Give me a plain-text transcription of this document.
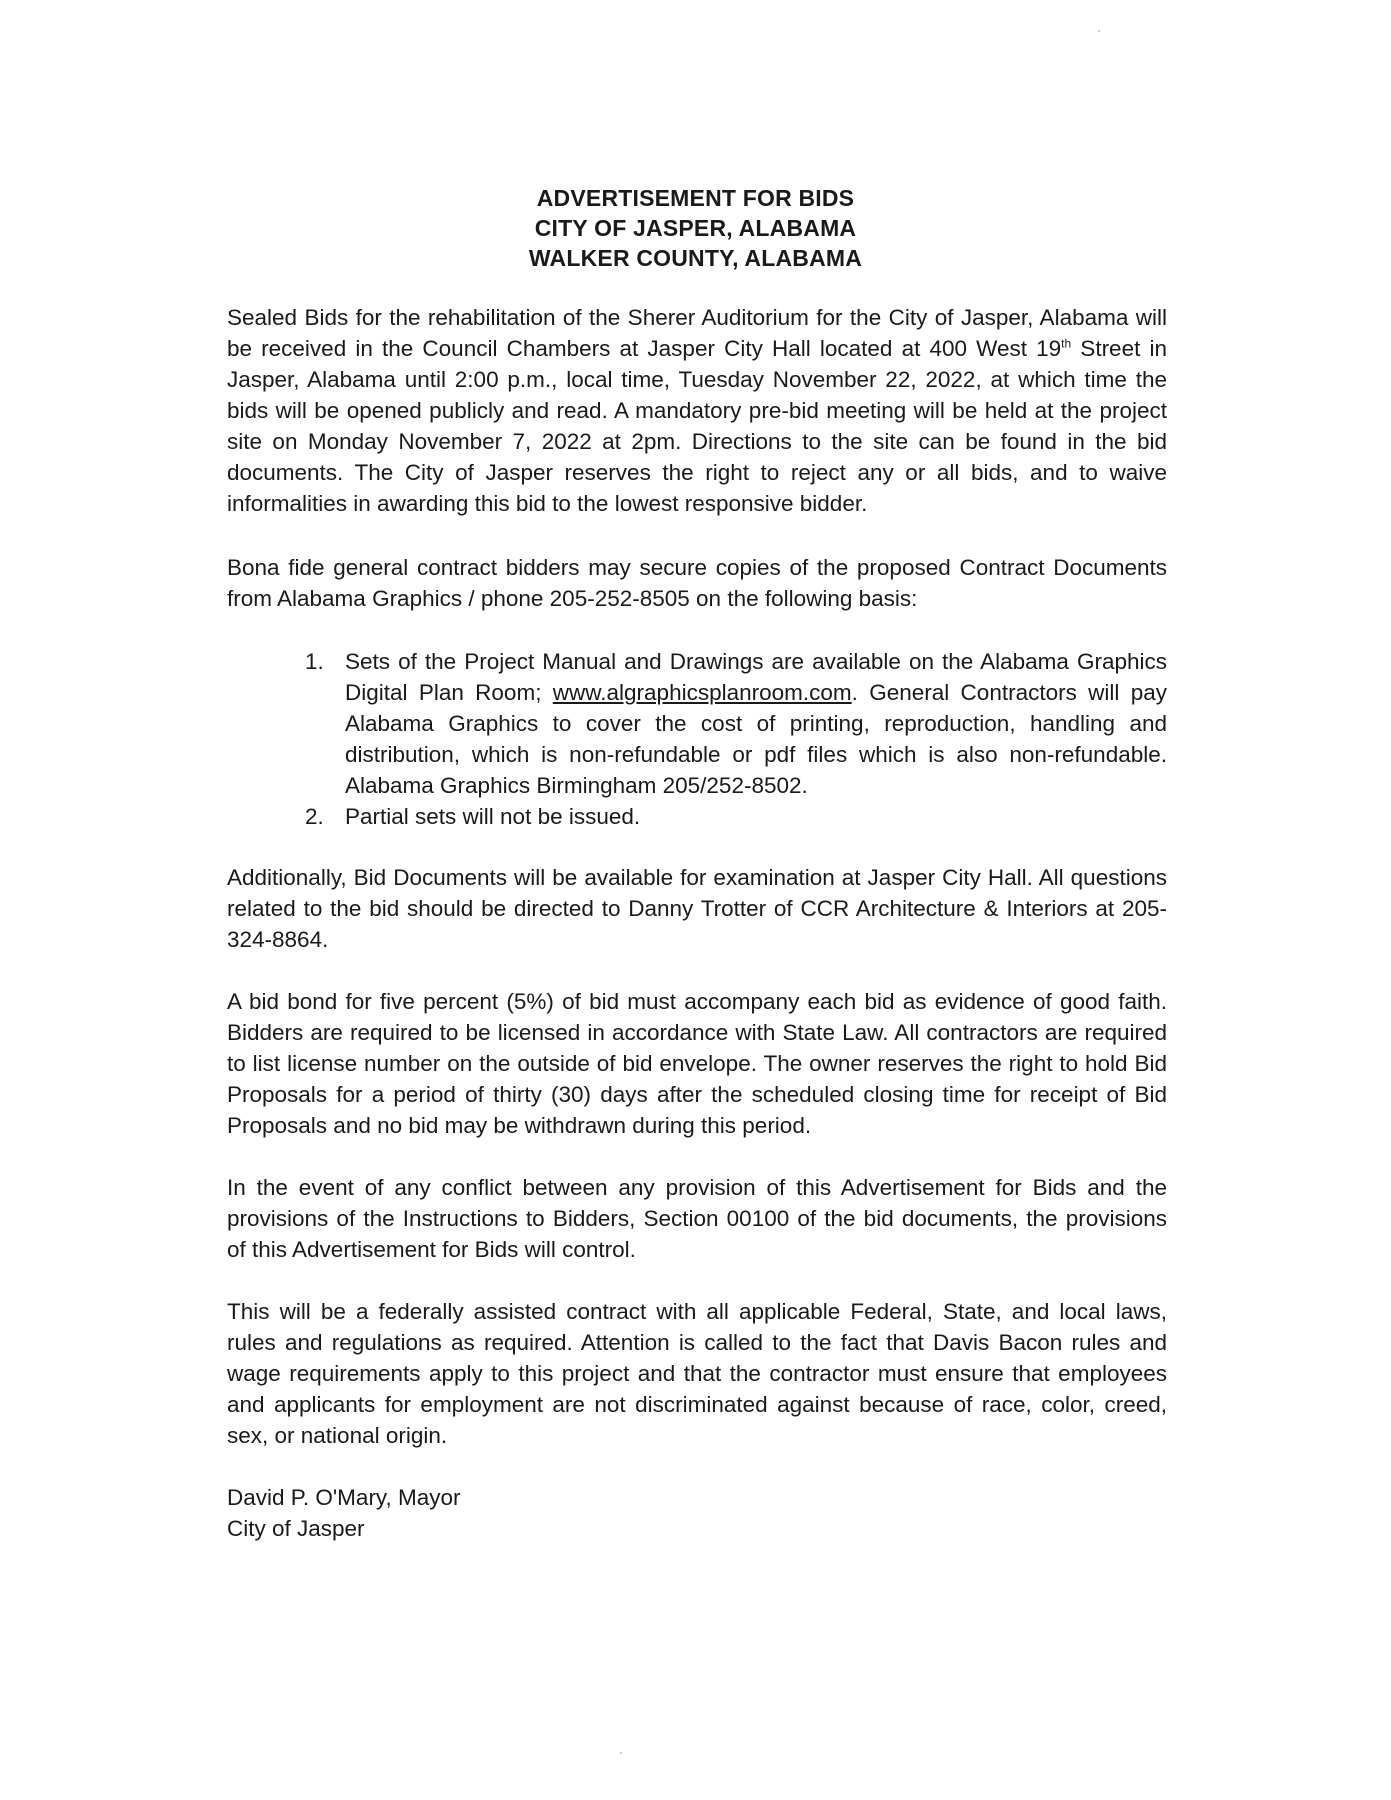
ADVERTISEMENT FOR BIDS
CITY OF JASPER, ALABAMA
WALKER COUNTY, ALABAMA

Sealed Bids for the rehabilitation of the Sherer Auditorium for the City of Jasper, Alabama will be received in the Council Chambers at Jasper City Hall located at 400 West 19th Street in Jasper, Alabama until 2:00 p.m., local time, Tuesday November 22, 2022, at which time the bids will be opened publicly and read. A mandatory pre-bid meeting will be held at the project site on Monday November 7, 2022 at 2pm. Directions to the site can be found in the bid documents. The City of Jasper reserves the right to reject any or all bids, and to waive informalities in awarding this bid to the lowest responsive bidder.

Bona fide general contract bidders may secure copies of the proposed Contract Documents from Alabama Graphics / phone 205-252-8505 on the following basis:

1. Sets of the Project Manual and Drawings are available on the Alabama Graphics Digital Plan Room; www.algraphicsplanroom.com. General Contractors will pay Alabama Graphics to cover the cost of printing, reproduction, handling and distribution, which is non-refundable or pdf files which is also non-refundable. Alabama Graphics Birmingham 205/252-8502.
2. Partial sets will not be issued.

Additionally, Bid Documents will be available for examination at Jasper City Hall. All questions related to the bid should be directed to Danny Trotter of CCR Architecture & Interiors at 205-324-8864.

A bid bond for five percent (5%) of bid must accompany each bid as evidence of good faith. Bidders are required to be licensed in accordance with State Law. All contractors are required to list license number on the outside of bid envelope. The owner reserves the right to hold Bid Proposals for a period of thirty (30) days after the scheduled closing time for receipt of Bid Proposals and no bid may be withdrawn during this period.

In the event of any conflict between any provision of this Advertisement for Bids and the provisions of the Instructions to Bidders, Section 00100 of the bid documents, the provisions of this Advertisement for Bids will control.

This will be a federally assisted contract with all applicable Federal, State, and local laws, rules and regulations as required. Attention is called to the fact that Davis Bacon rules and wage requirements apply to this project and that the contractor must ensure that employees and applicants for employment are not discriminated against because of race, color, creed, sex, or national origin.

David P. O'Mary, Mayor
City of Jasper
